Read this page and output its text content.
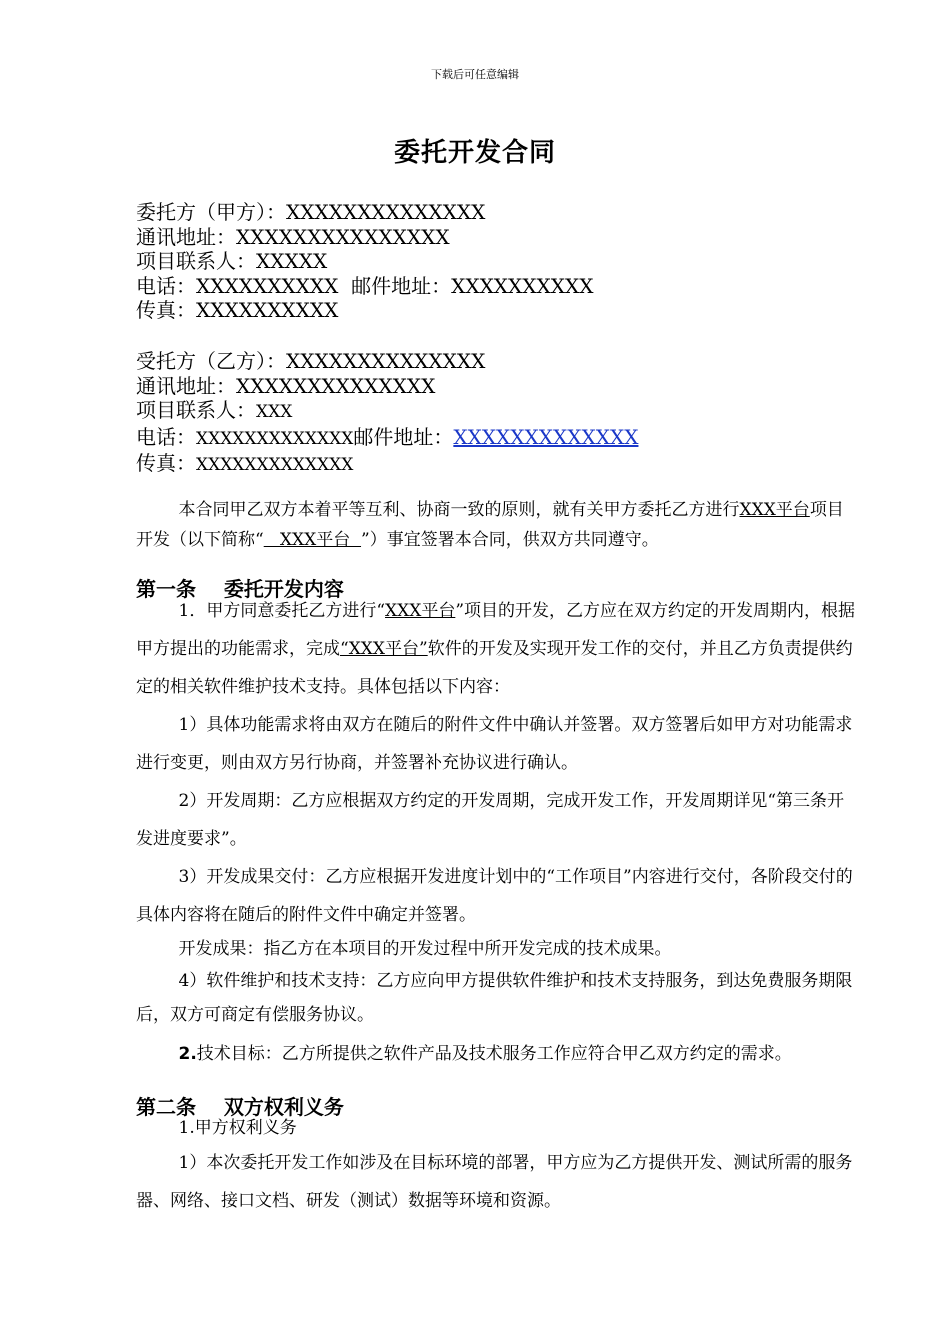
下载后可任意编辑
委托开发合同
委托方（甲方）：XXXXXXXXXXXXXX
通讯地址：XXXXXXXXXXXXXXX
项目联系人：XXXXX
电话：XXXXXXXXXX  邮件地址：XXXXXXXXXX
传真：XXXXXXXXXX
受托方（乙方）：XXXXXXXXXXXXXX
通讯地址：XXXXXXXXXXXXXX
项目联系人：XXX
电话：XXXXXXXXXXXXX邮件地址：XXXXXXXXXXXXX
传真：XXXXXXXXXXXXX

本合同甲乙双方本着平等互利、协商一致的原则，就有关甲方委托乙方进行XXX平台项目开发（以下简称“   XXX平台  ”）事宜签署本合同，供双方共同遵守。

第一条    委托开发内容

1．甲方同意委托乙方进行“XXX平台”项目的开发，乙方应在双方约定的开发周期内，根据甲方提出的功能需求，完成“XXX平台”软件的开发及实现开发工作的交付，并且乙方负责提供约定的相关软件维护技术支持。具体包括以下内容：

1）具体功能需求将由双方在随后的附件文件中确认并签署。双方签署后如甲方对功能需求进行变更，则由双方另行协商，并签署补充协议进行确认。

2）开发周期：乙方应根据双方约定的开发周期，完成开发工作，开发周期详见“第三条开发进度要求”。

3）开发成果交付：乙方应根据开发进度计划中的“工作项目”内容进行交付，各阶段交付的具体内容将在随后的附件文件中确定并签署。

开发成果：指乙方在本项目的开发过程中所开发完成的技术成果。

4）软件维护和技术支持：乙方应向甲方提供软件维护和技术支持服务，到达免费服务期限后，双方可商定有偿服务协议。

2.技术目标：乙方所提供之软件产品及技术服务工作应符合甲乙双方约定的需求。

第二条    双方权利义务

1.甲方权利义务

1）本次委托开发工作如涉及在目标环境的部署，甲方应为乙方提供开发、测试所需的服务器、网络、接口文档、研发（测试）数据等环境和资源。
